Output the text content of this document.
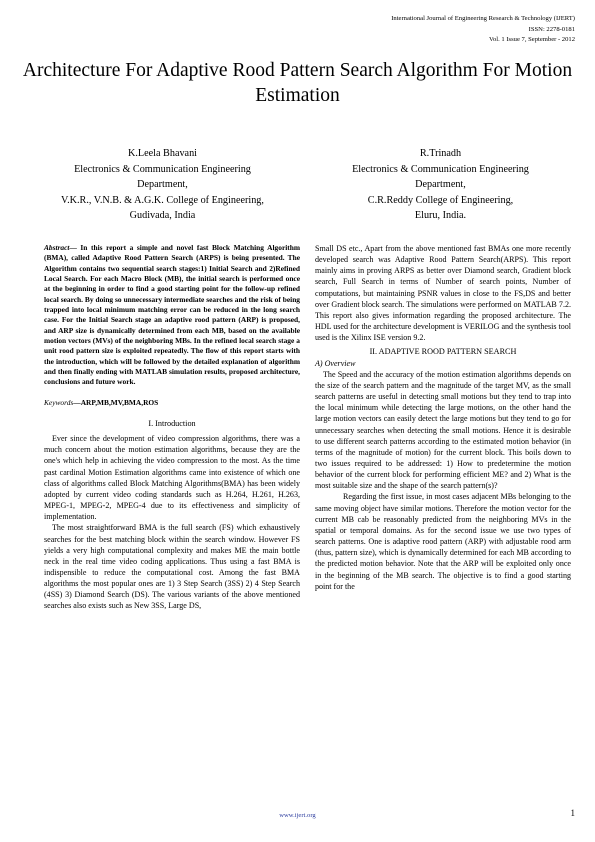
International Journal of Engineering Research & Technology (IJERT)
ISSN: 2278-0181
Vol. 1 Issue 7, September - 2012
Architecture For Adaptive Rood Pattern Search Algorithm For Motion Estimation
K.Leela Bhavani
Electronics & Communication Engineering
Department,
V.K.R., V.N.B. & A.G.K. College of Engineering,
Gudivada, India
R.Trinadh
Electronics & Communication Engineering
Department,
C.R.Reddy College of Engineering,
Eluru, India.

Abstract— In this report a simple and novel fast Block Matching Algorithm (BMA), called Adaptive Rood Pattern Search (ARPS) is being presented. The Algorithm contains two sequential search stages:1) Initial Search and 2)Refined Local Search. For each Macro Block (MB), the initial search is performed once at the beginning in order to find a good starting point for the follow-up refined local search. By doing so unnecessary intermediate searches and the risk of being trapped into local minimum matching error can be reduced in the long search case. For the Initial Search stage an adaptive rood pattern (ARP) is proposed, and ARP size is dynamically determined from each MB, based on the available motion vectors (MVs) of the neighboring MBs. In the refined local search stage a unit rood pattern size is exploited repeatedly. The flow of this report starts with the introduction, which will be followed by the detailed explanation of algorithm and then finally ending with MATLAB simulation results, proposed architecture, conclusions and future work.

Keywords—ARP,MB,MV,BMA,ROS

I. Introduction

Ever since the development of video compression algorithms, there was a much concern about the motion estimation algorithms, because they are the one's which help in achieving the video compression to the most. As the time past cardinal Motion Estimation algorithms came into existence of which one class of algorithms called Block Matching Algorithms(BMA) has been widely adopted by current video coding standards such as H.264, H.261, H.263, MPEG-1, MPEG-2, MPEG-4 due to its effectiveness and simplicity of implementation.

The most straightforward BMA is the full search (FS) which exhaustively searches for the best matching block within the search window. However FS yields a very high computational complexity and makes ME the main bottle neck in the real time video coding applications. Thus using a fast BMA is indispensible to reduce the computational cost. Among the fast BMA algorithms the most popular ones are 1) 3 Step Search (3SS) 2) 4 Step Search (4SS) 3) Diamond Search (DS). The various variants of the above mentioned searches also exists such as New 3SS, Large DS,

Small DS etc., Apart from the above mentioned fast BMAs one more recently developed search was Adaptive Rood Pattern Search(ARPS). This report mainly aims in proving ARPS as better over Diamond search, Gradient block search, Full Search in terms of Number of search points, Number of computations, but maintaining PSNR values in close to the FS,DS and better over Gradient block search. The simulations were performed on MATLAB 7.2. This report also gives information regarding the proposed architecture. The HDL used for the architecture development is VERILOG and the synthesis tool used is the Xilinx ISE version 9.2.

II. ADAPTIVE ROOD PATTERN SEARCH

A) Overview

The Speed and the accuracy of the motion estimation algorithms depends on the size of the search pattern and the magnitude of the target MV, as the small search patterns are useful in detecting small motions but they tend to trap into the local minimum while detecting the large motions, on the other hand the large motion vectors can easily detect the large motions but they tend to go for unnecessary searches when detecting the small motions. Hence it is desirable to use different search patterns according to the estimated motion behavior (in terms of the magnitude of motion) for the current block. This boils down to two issues required to be addressed: 1) How to predetermine the motion behavior of the current block for performing efficient ME? and 2) What is the most suitable size and the shape of the search pattern(s)?

Regarding the first issue, in most cases adjacent MBs belonging to the same moving object have similar motions. Therefore the motion vector for the current MB cab be reasonably predicted from the neighboring MVs in the spatial or temporal domains. As for the second issue we use two types of search patterns. One is adaptive rood pattern (ARP) with adjustable rood arm (thus, pattern size), which is dynamically determined for each MB according to the predicted motion behavior. Note that the ARP will be exploited only once in the beginning of the MB search. The objective is to find a good starting point for the

www.ijert.org	1
